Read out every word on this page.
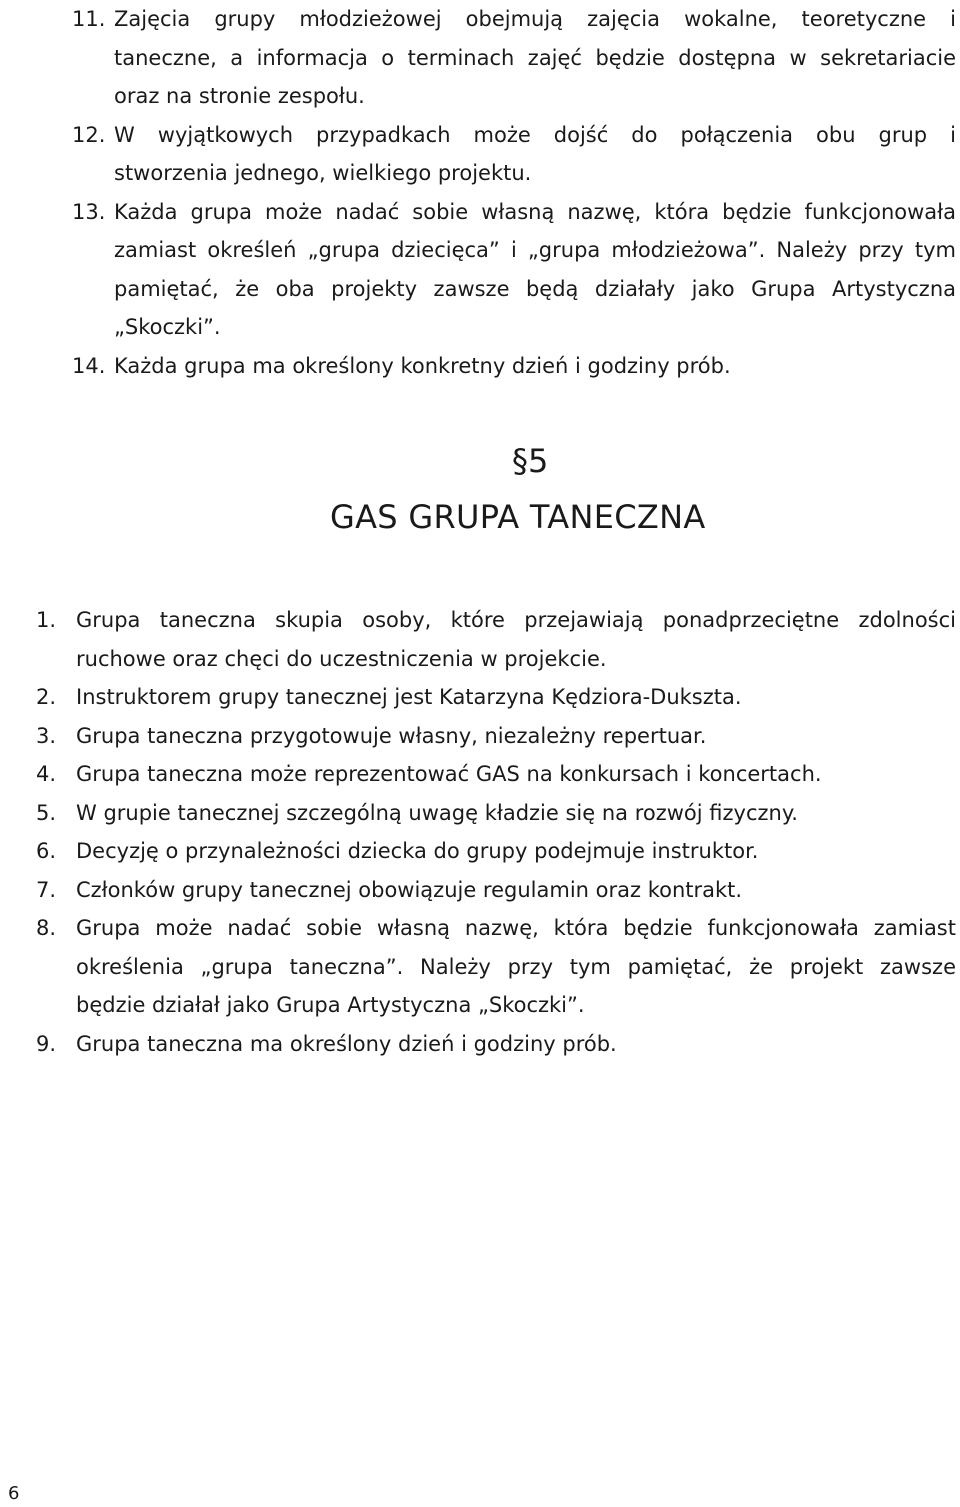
11. Zajęcia grupy młodzieżowej obejmują zajęcia wokalne, teoretyczne i
taneczne, a informacja o terminach zajęć będzie dostępna w sekretariacie
oraz na stronie zespołu.
12. W wyjątkowych przypadkach może dojść do połączenia obu grup i
stworzenia jednego, wielkiego projektu.
13. Każda grupa może nadać sobie własną nazwę, która będzie funkcjonowała
zamiast określeń „grupa dziecięca” i „grupa młodzieżowa”. Należy przy tym
pamiętać, że oba projekty zawsze będą działały jako Grupa Artystyczna
„Skoczki”.
14. Każda grupa ma określony konkretny dzień i godziny prób.
§5
GAS GRUPA TANECZNA
1. Grupa taneczna skupia osoby, które przejawiają ponadprzeciętne zdolności
ruchowe oraz chęci do uczestniczenia w projekcie.
2. Instruktorem grupy tanecznej jest Katarzyna Kędziora-Dukszta.
3. Grupa taneczna przygotowuje własny, niezależny repertuar.
4. Grupa taneczna może reprezentować GAS na konkursach i koncertach.
5. W grupie tanecznej szczególną uwagę kładzie się na rozwój fizyczny.
6. Decyzję o przynależności dziecka do grupy podejmuje instruktor.
7. Członków grupy tanecznej obowiązuje regulamin oraz kontrakt.
8. Grupa może nadać sobie własną nazwę, która będzie funkcjonowała zamiast
określenia „grupa taneczna”. Należy przy tym pamiętać, że projekt zawsze
będzie działał jako Grupa Artystyczna „Skoczki”.
9. Grupa taneczna ma określony dzień i godziny prób.
6
